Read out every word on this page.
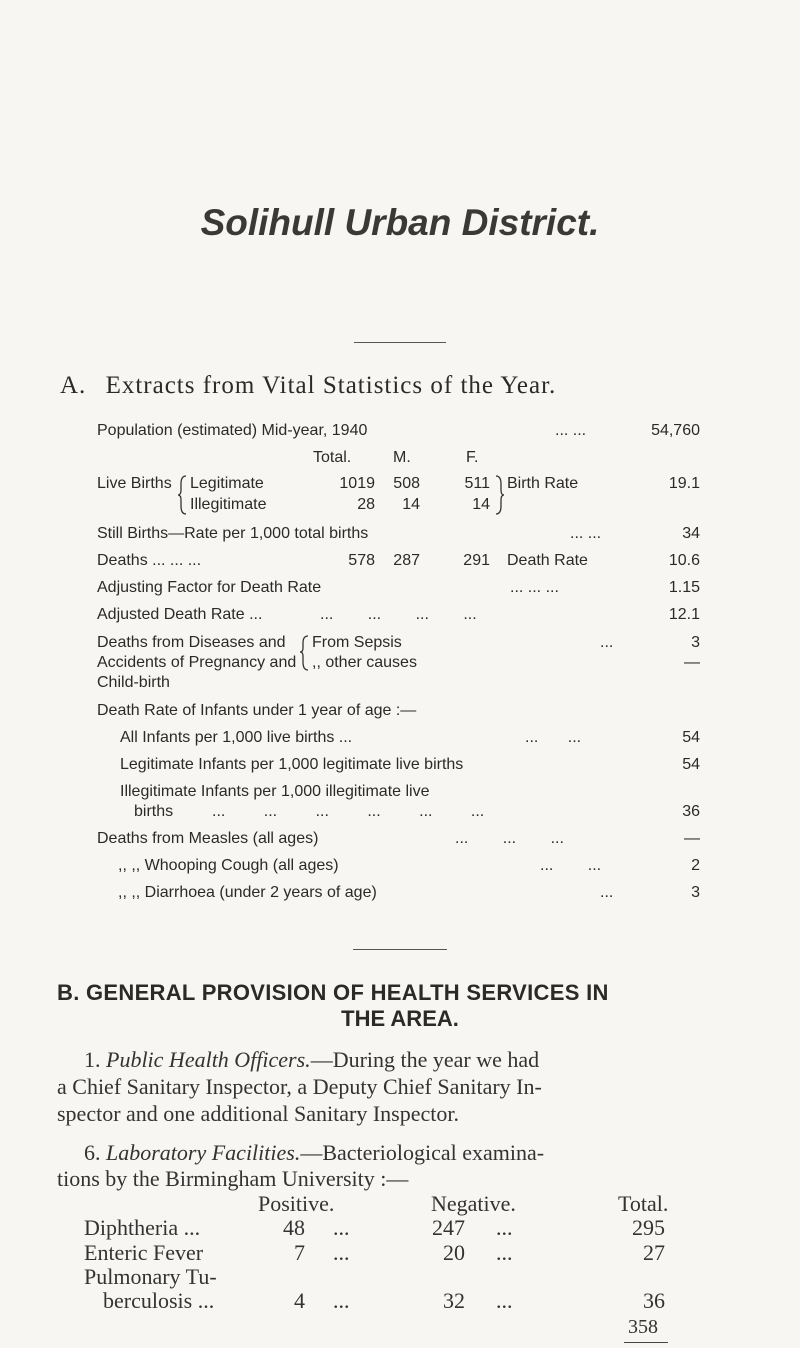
Solihull Urban District.
A. Extracts from Vital Statistics of the Year.
Population (estimated) Mid-year, 1940	... ...	54,760
Total.	M.	F.
Live Births Legitimate	1019	508	511 Birth Rate	19.1
Illegitimate	28	14	14
Still Births—Rate per 1,000 total births	... ...	34
Deaths ... ... ...	578	287	291 Death Rate	10.6
Adjusting Factor for Death Rate	... ... ...	1.15
Adjusted Death Rate ...	... ... ... ...	12.1
Deaths from Diseases and
Accidents of Pregnancy and
Child-birth
From Sepsis	...	3
,, other causes	—
Death Rate of Infants under 1 year of age :—
All Infants per 1,000 live births ...	... ...	54
Legitimate Infants per 1,000 legitimate live births	54
Illegitimate Infants per 1,000 illegitimate live
births ... ... ... ... ... ...	36
Deaths from Measles (all ages)	... ... ...	—
,, ,, Whooping Cough (all ages)	... ...	2
,, ,, Diarrhoea (under 2 years of age)	...	3
B. GENERAL PROVISION OF HEALTH SERVICES IN
THE AREA.
1. Public Health Officers.—During the year we had
a Chief Sanitary Inspector, a Deputy Chief Sanitary In-
spector and one additional Sanitary Inspector.
6. Laboratory Facilities.—Bacteriological examina-
tions by the Birmingham University :—
Positive.	Negative.	Total.
Diphtheria ...	48 ...	247 ...	295
Enteric Fever	7 ...	20 ...	27
Pulmonary Tu-
berculosis ...	4 ...	32 ...	36
358
